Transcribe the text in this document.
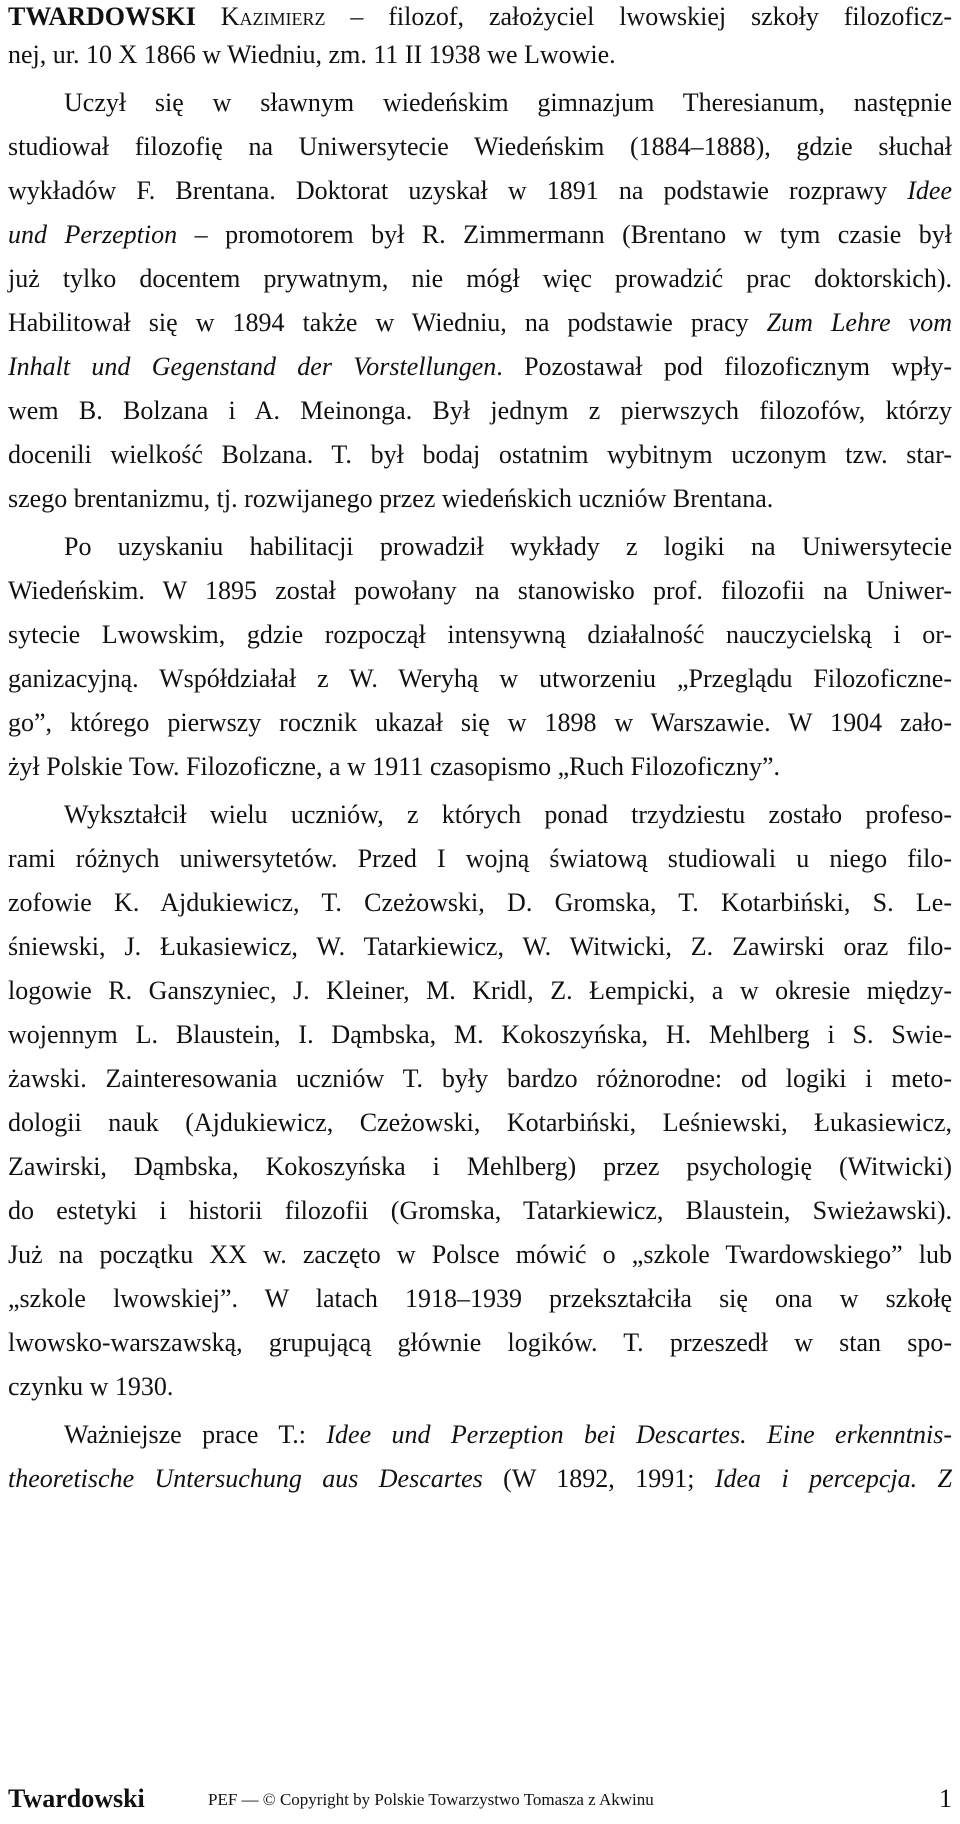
TWARDOWSKI Kazimierz – filozof, założyciel lwowskiej szkoły filozoficz-
nej, ur. 10 X 1866 w Wiedniu, zm. 11 II 1938 we Lwowie.
Uczył się w sławnym wiedeńskim gimnazjum Theresianum, następnie
studiował filozofię na Uniwersytecie Wiedeńskim (1884–1888), gdzie słuchał
wykładów F. Brentana. Doktorat uzyskał w 1891 na podstawie rozprawy Idee
und Perzeption – promotorem był R. Zimmermann (Brentano w tym czasie był
już tylko docentem prywatnym, nie mógł więc prowadzić prac doktorskich).
Habilitował się w 1894 także w Wiedniu, na podstawie pracy Zum Lehre vom
Inhalt und Gegenstand der Vorstellungen. Pozostawał pod filozoficznym wpły-
wem B. Bolzana i A. Meinonga. Był jednym z pierwszych filozofów, którzy
docenili wielkość Bolzana. T. był bodaj ostatnim wybitnym uczonym tzw. star-
szego brentanizmu, tj. rozwijanego przez wiedeńskich uczniów Brentana.
Po uzyskaniu habilitacji prowadził wykłady z logiki na Uniwersytecie
Wiedeńskim. W 1895 został powołany na stanowisko prof. filozofii na Uniwer-
sytecie Lwowskim, gdzie rozpoczął intensywną działalność nauczycielską i or-
ganizacyjną. Współdziałał z W. Weryhą w utworzeniu „Przeglądu Filozoficzne-
go”, którego pierwszy rocznik ukazał się w 1898 w Warszawie. W 1904 zało-
żył Polskie Tow. Filozoficzne, a w 1911 czasopismo „Ruch Filozoficzny”.
Wykształcił wielu uczniów, z których ponad trzydziestu zostało profeso-
rami różnych uniwersytetów. Przed I wojną światową studiowali u niego filo-
zofowie K. Ajdukiewicz, T. Czeżowski, D. Gromska, T. Kotarbiński, S. Le-
śniewski, J. Łukasiewicz, W. Tatarkiewicz, W. Witwicki, Z. Zawirski oraz filo-
logowie R. Ganszyniec, J. Kleiner, M. Kridl, Z. Łempicki, a w okresie między-
wojennym L. Blaustein, I. Dąmbska, M. Kokoszyńska, H. Mehlberg i S. Swie-
żawski. Zainteresowania uczniów T. były bardzo różnorodne: od logiki i meto-
dologii nauk (Ajdukiewicz, Czeżowski, Kotarbiński, Leśniewski, Łukasiewicz,
Zawirski, Dąmbska, Kokoszyńska i Mehlberg) przez psychologię (Witwicki)
do estetyki i historii filozofii (Gromska, Tatarkiewicz, Blaustein, Swieżawski).
Już na początku XX w. zaczęto w Polsce mówić o „szkole Twardowskiego” lub
„szkole lwowskiej”. W latach 1918–1939 przekształciła się ona w szkołę
lwowsko-warszawską, grupującą głównie logików. T. przeszedł w stan spo-
czynku w 1930.
Ważniejsze prace T.: Idee und Perzeption bei Descartes. Eine erkenntnis-
theoretische Untersuchung aus Descartes (W 1892, 1991; Idea i percepcja. Z
Twardowski	PEF — © Copyright by Polskie Towarzystwo Tomasza z Akwinu	1
